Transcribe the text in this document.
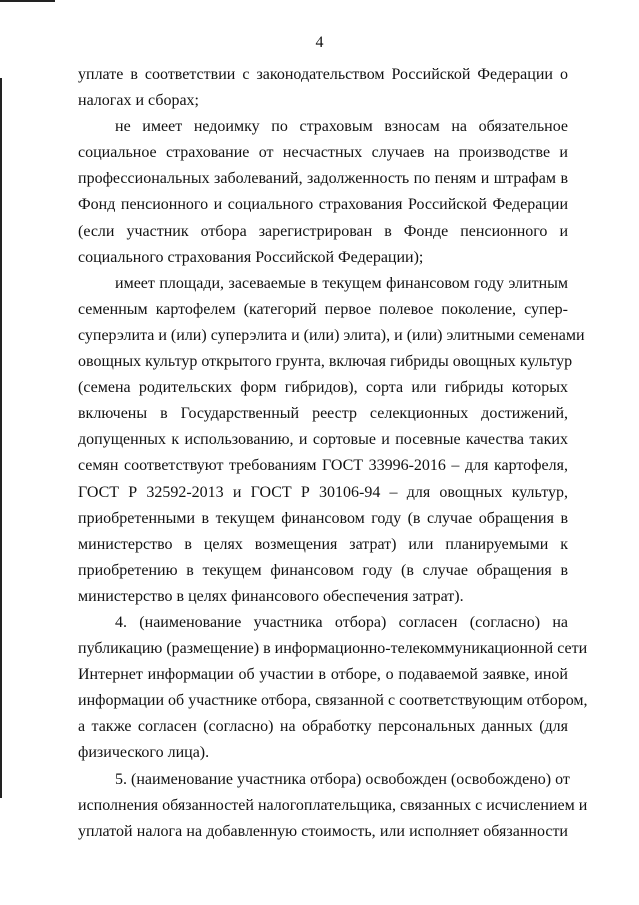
4
уплате в соответствии с законодательством Российской Федерации о
налогах и сборах;
не имеет недоимку по страховым взносам на обязательное
социальное страхование от несчастных случаев на производстве и
профессиональных заболеваний, задолженность по пеням и штрафам в
Фонд пенсионного и социального страхования Российской Федерации
(если участник отбора зарегистрирован в Фонде пенсионного и
социального страхования Российской Федерации);
имеет площади, засеваемые в текущем финансовом году элитным
семенным картофелем (категорий первое полевое поколение, супер-
суперэлита и (или) суперэлита и (или) элита), и (или) элитными семенами
овощных культур открытого грунта, включая гибриды овощных культур
(семена родительских форм гибридов), сорта или гибриды которых
включены в Государственный реестр селекционных достижений,
допущенных к использованию, и сортовые и посевные качества таких
семян соответствуют требованиям ГОСТ 33996-2016 – для картофеля,
ГОСТ Р 32592-2013 и ГОСТ Р 30106-94 – для овощных культур,
приобретенными в текущем финансовом году (в случае обращения в
министерство в целях возмещения затрат) или планируемыми к
приобретению в текущем финансовом году (в случае обращения в
министерство в целях финансового обеспечения затрат).
4. (наименование участника отбора) согласен (согласно) на
публикацию (размещение) в информационно-телекоммуникационной сети
Интернет информации об участии в отборе, о подаваемой заявке, иной
информации об участнике отбора, связанной с соответствующим отбором,
а также согласен (согласно) на обработку персональных данных (для
физического лица).
5. (наименование участника отбора) освобожден (освобождено) от
исполнения обязанностей налогоплательщика, связанных с исчислением и
уплатой налога на добавленную стоимость, или исполняет обязанности
